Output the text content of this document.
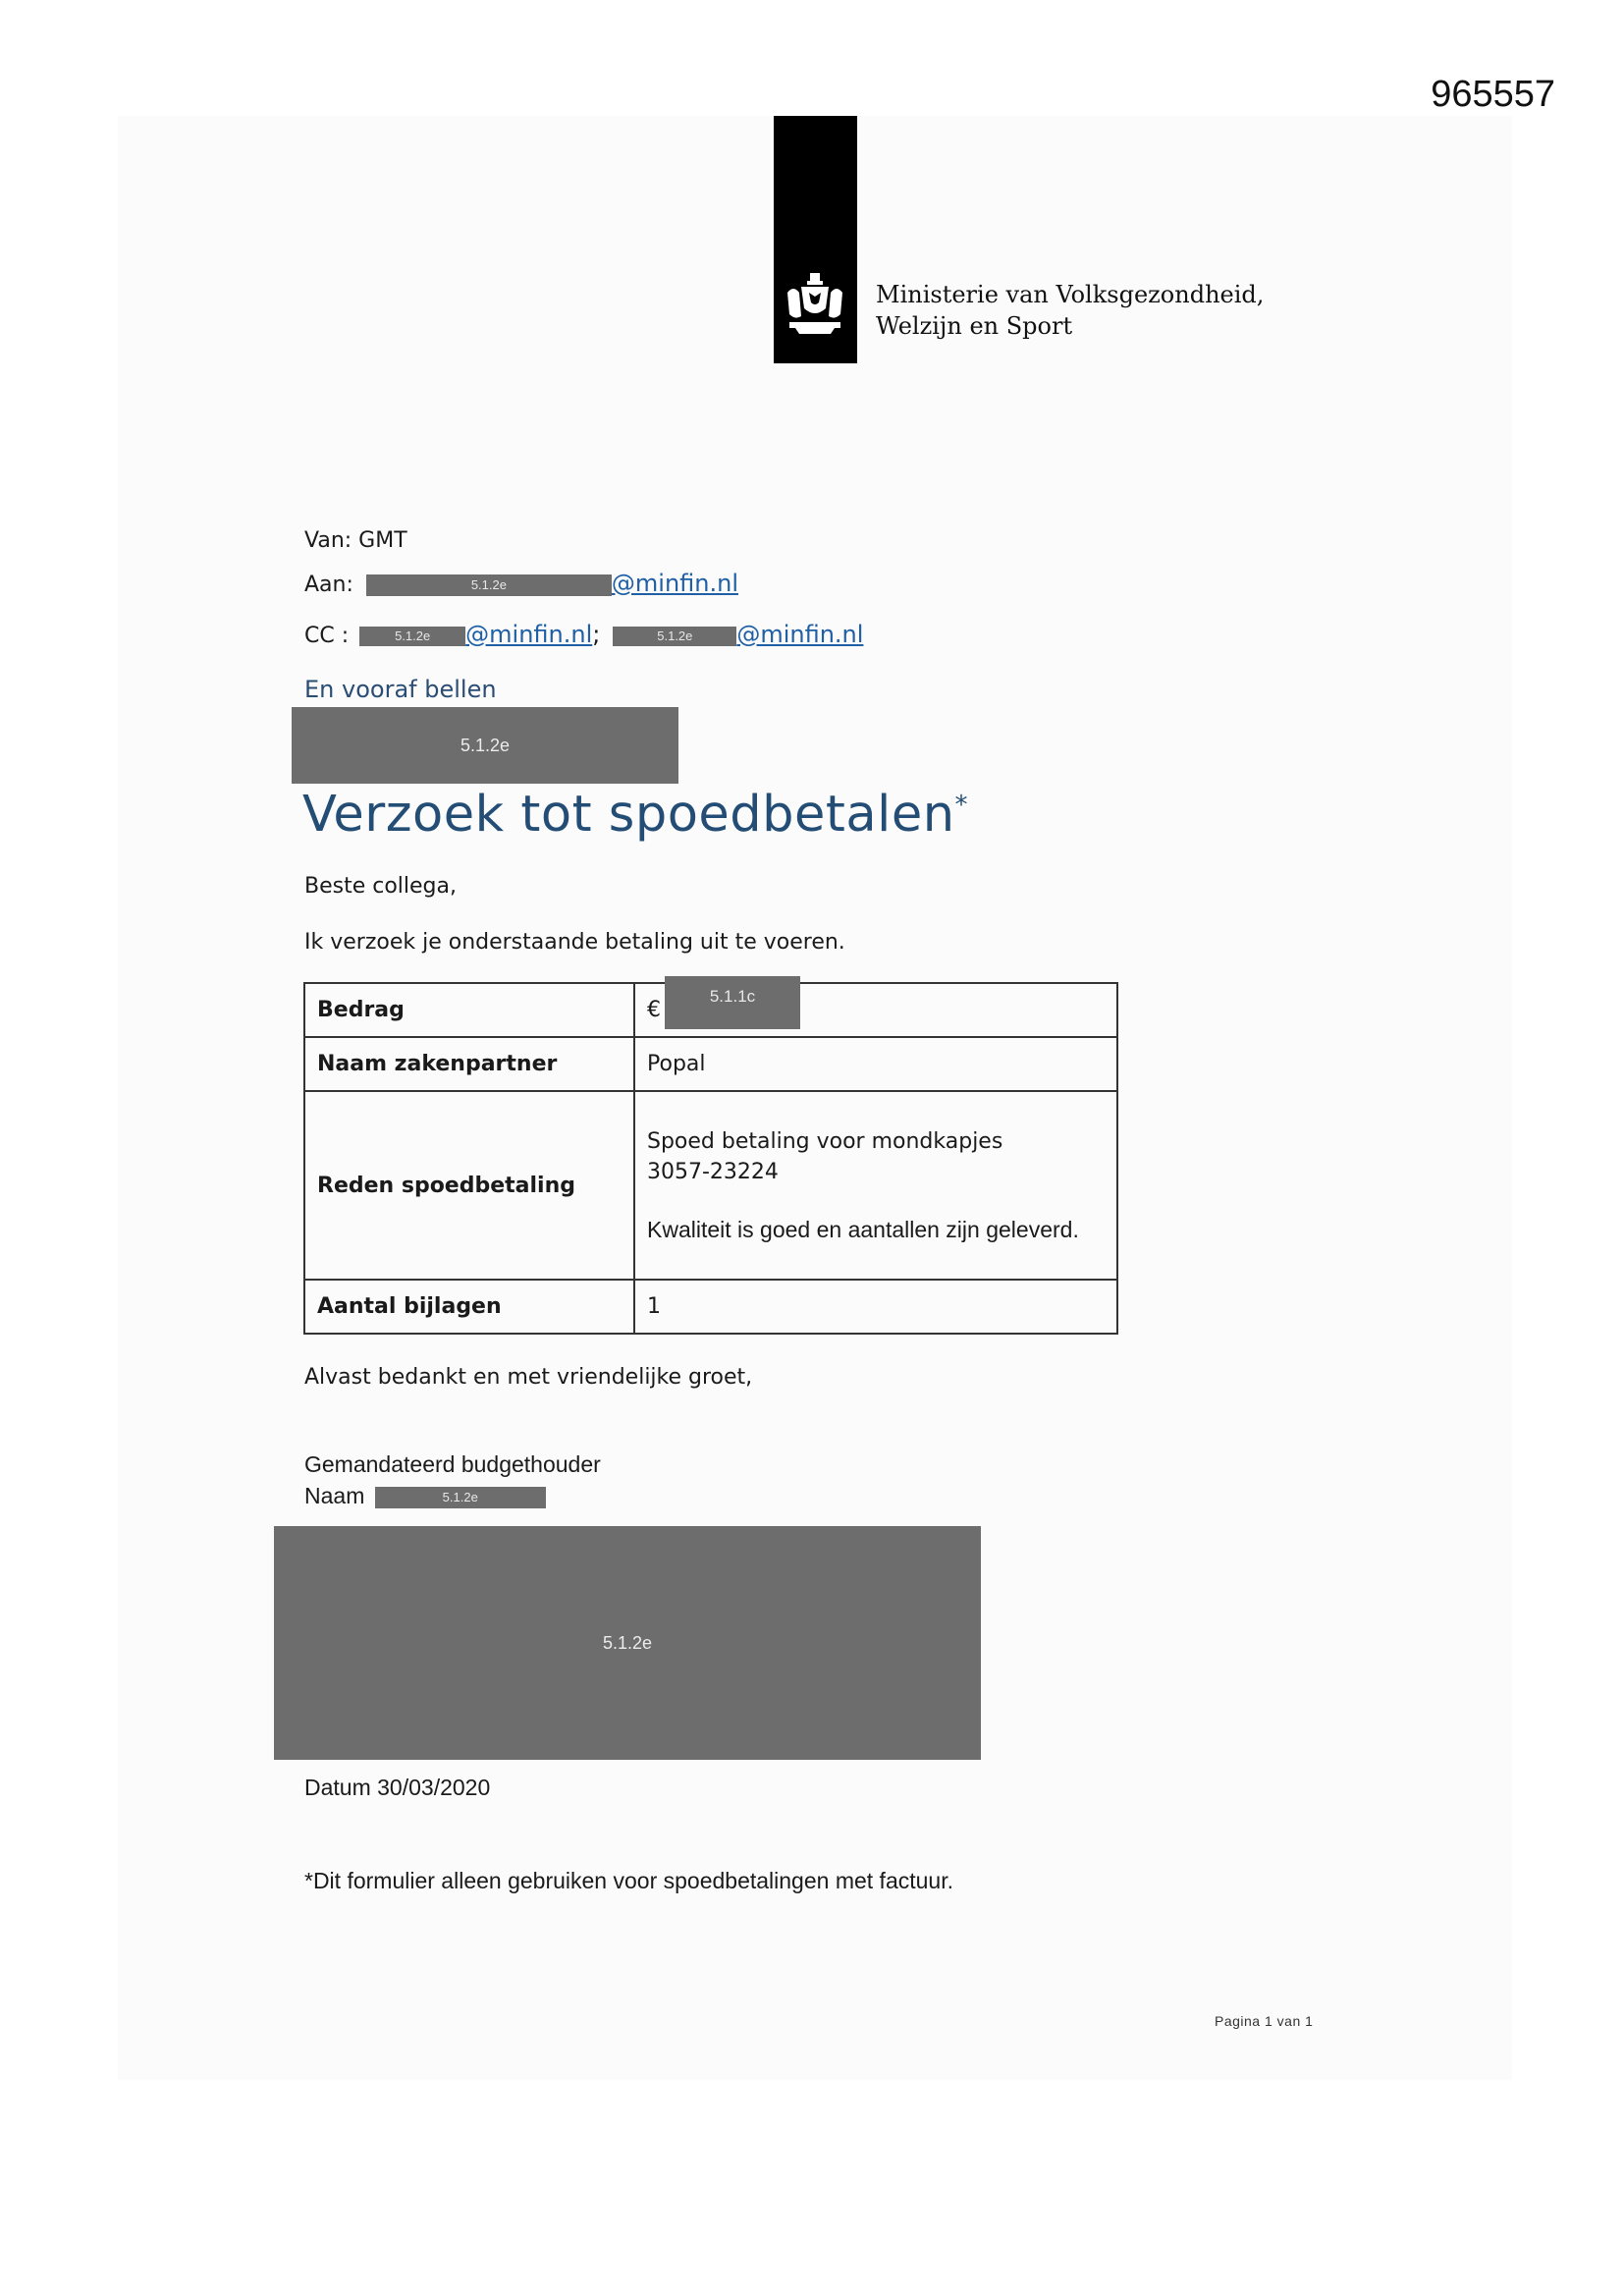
965557
Ministerie van Volksgezondheid,
Welzijn en Sport
Van: GMT
Aan:	5.1.2e	@minfin.nl
CC :	5.1.2e @minfin.nl;	5.1.2e @minfin.nl
En vooraf bellen
5.1.2e
Verzoek tot spoedbetalen*
Beste collega,
Ik verzoek je onderstaande betaling uit te voeren.
Bedrag	€
5.1.1c

Naam zakenpartner	Popal
Reden spoedbetaling	Spoed betaling voor mondkapjes
3057-23224
Kwaliteit is goed en aantallen zijn geleverd.

Aantal bijlagen	1
Alvast bedankt en met vriendelijke groet,
Gemandateerd budgethouder
Naam	5.1.2e
5.1.2e
Datum 30/03/2020
*Dit formulier alleen gebruiken voor spoedbetalingen met factuur.
Pagina 1 van 1
